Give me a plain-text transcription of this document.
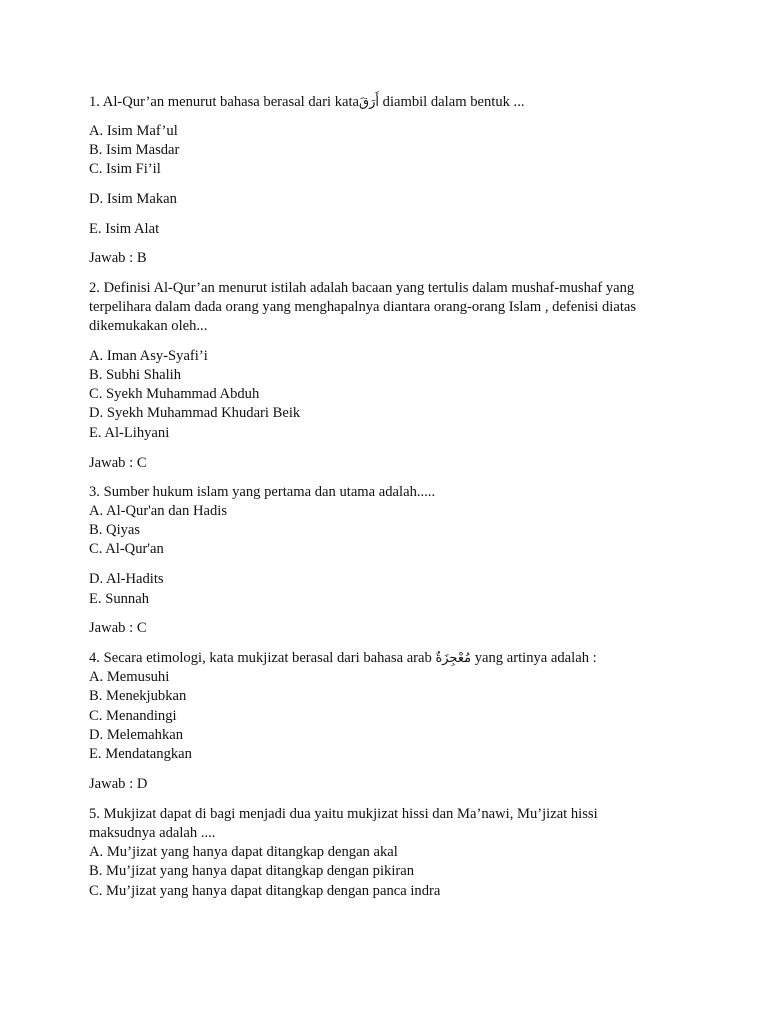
1. Al-Qur’an menurut bahasa berasal dari kataأَرَقَ diambil dalam bentuk ...
A. Isim Maf’ul
B. Isim Masdar
C. Isim Fi’il
D. Isim Makan
E. Isim Alat
Jawab : B
2. Definisi Al-Qur’an menurut istilah adalah bacaan yang tertulis dalam mushaf-mushaf yang
terpelihara dalam dada orang yang menghapalnya diantara orang-orang Islam , defenisi diatas
dikemukakan oleh...
A. Iman Asy-Syafi’i
B. Subhi Shalih
C. Syekh Muhammad Abduh
D. Syekh Muhammad Khudari Beik
E. Al-Lihyani
Jawab : C
3. Sumber hukum islam yang pertama dan utama adalah.....
A. Al-Qur'an dan Hadis
B. Qiyas
C. Al-Qur'an
D. Al-Hadits
E. Sunnah
Jawab : C
4. Secara etimologi, kata mukjizat berasal dari bahasa arab مُعْجِزَةٌ yang artinya adalah :
A. Memusuhi
B. Menekjubkan
C. Menandingi
D. Melemahkan
E. Mendatangkan
Jawab : D
5. Mukjizat dapat di bagi menjadi dua yaitu mukjizat hissi dan Ma’nawi, Mu’jizat hissi
maksudnya adalah ....
A. Mu’jizat yang hanya dapat ditangkap dengan akal
B. Mu’jizat yang hanya dapat ditangkap dengan pikiran
C. Mu’jizat yang hanya dapat ditangkap dengan panca indra
